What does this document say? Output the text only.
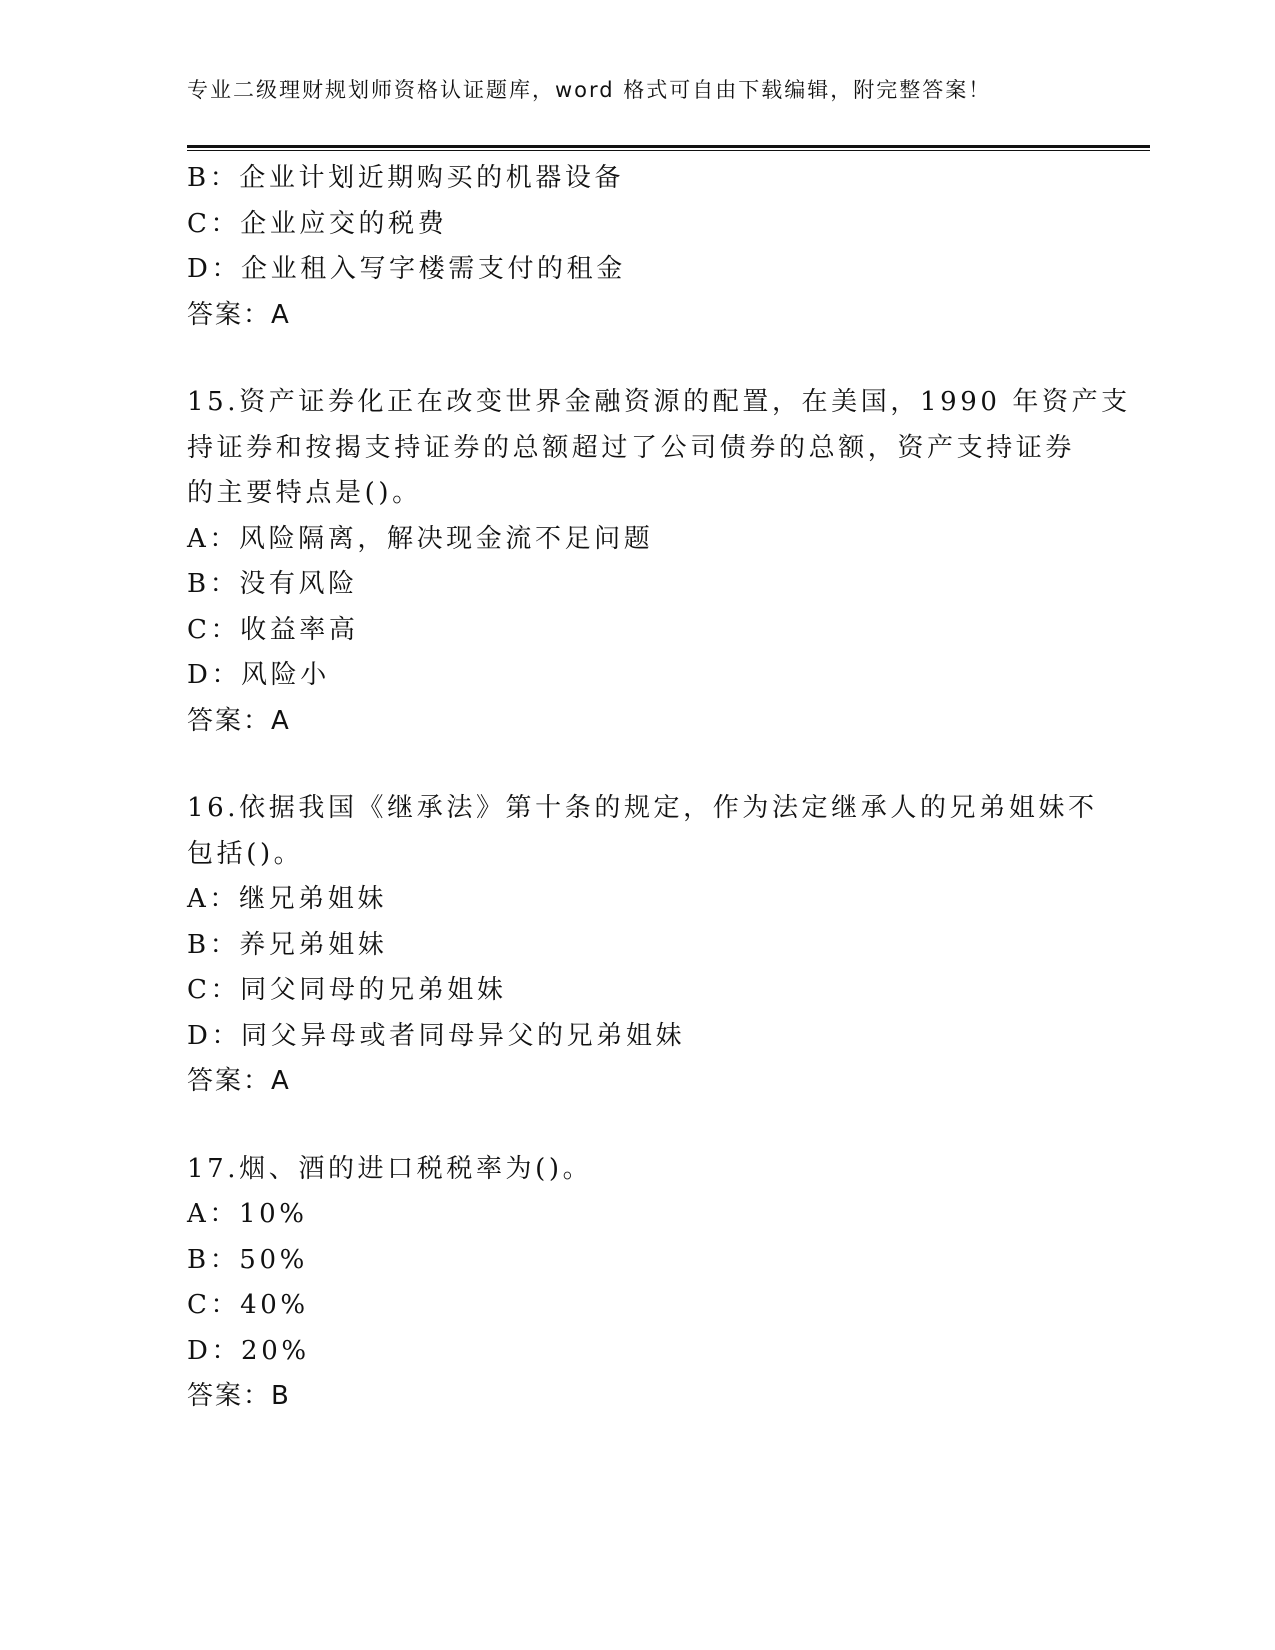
专业二级理财规划师资格认证题库，word 格式可自由下载编辑，附完整答案！
B：企业计划近期购买的机器设备
C：企业应交的税费
D：企业租入写字楼需支付的租金
答案：A
15.资产证券化正在改变世界金融资源的配置，在美国，1990 年资产支
持证券和按揭支持证券的总额超过了公司债券的总额，资产支持证券
的主要特点是()。
A：风险隔离，解决现金流不足问题
B：没有风险
C：收益率高
D：风险小
答案：A
16.依据我国《继承法》第十条的规定，作为法定继承人的兄弟姐妹不
包括()。
A：继兄弟姐妹
B：养兄弟姐妹
C：同父同母的兄弟姐妹
D：同父异母或者同母异父的兄弟姐妹
答案：A
17.烟、酒的进口税税率为()。
A：10%
B：50%
C：40%
D：20%
答案：B
